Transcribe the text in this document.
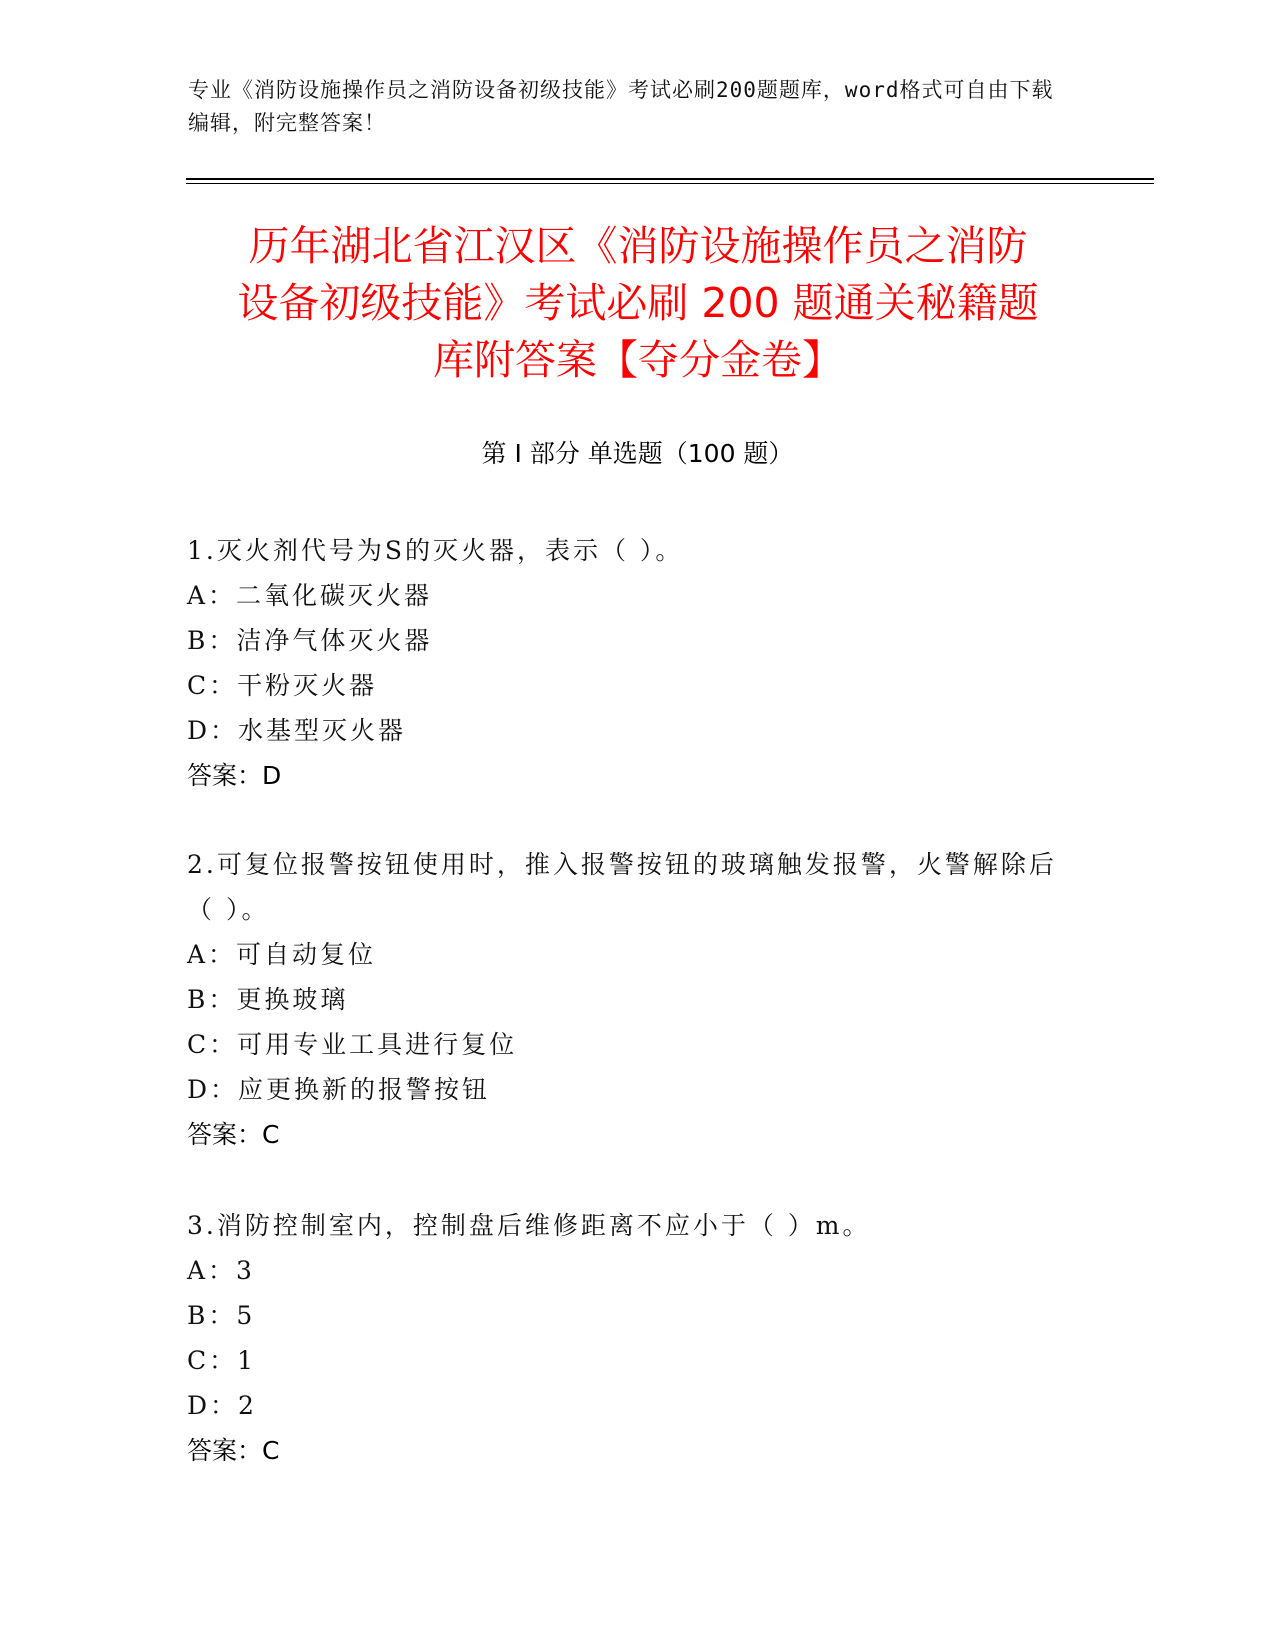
专业《消防设施操作员之消防设备初级技能》考试必刷200题题库，word格式可自由下载编辑，附完整答案！
历年湖北省江汉区《消防设施操作员之消防
设备初级技能》考试必刷 200 题通关秘籍题
库附答案【夺分金卷】
第 I 部分 单选题（100 题）
1.灭火剂代号为S的灭火器，表示（ ）。
A：二氧化碳灭火器
B：洁净气体灭火器
C：干粉灭火器
D：水基型灭火器
答案：D
2.可复位报警按钮使用时，推入报警按钮的玻璃触发报警，火警解除后（ ）。
A：可自动复位
B：更换玻璃
C：可用专业工具进行复位
D：应更换新的报警按钮
答案：C
3.消防控制室内，控制盘后维修距离不应小于（ ）m。
A：3
B：5
C：1
D：2
答案：C
